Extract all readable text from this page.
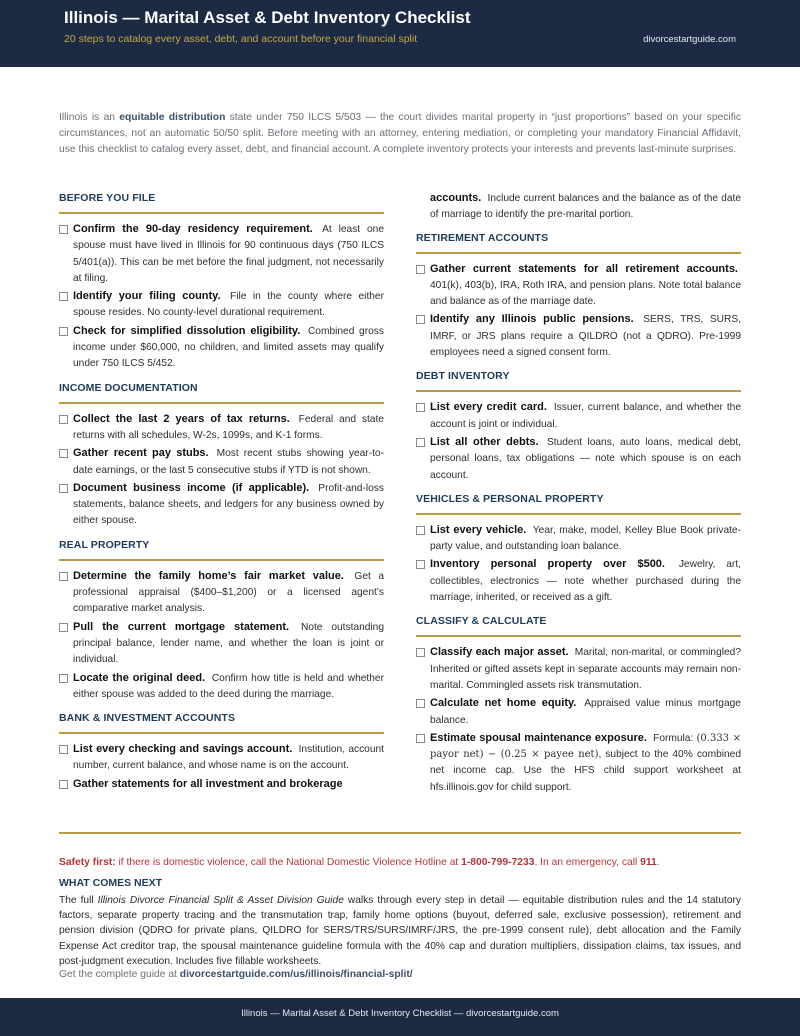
Illinois — Marital Asset & Debt Inventory Checklist
20 steps to catalog every asset, debt, and account before your financial split	divorcestartguide.com
Illinois is an equitable distribution state under 750 ILCS 5/503 — the court divides marital property in “just proportions” based on your specific circumstances, not an automatic 50/50 split. Before meeting with an attorney, entering mediation, or completing your mandatory Financial Affidavit, use this checklist to catalog every asset, debt, and financial account. A complete inventory protects your interests and prevents last-minute surprises.
BEFORE YOU FILE
Confirm the 90-day residency requirement. At least one spouse must have lived in Illinois for 90 continuous days (750 ILCS 5/401(a)). This can be met before the final judgment, not necessarily at filing.
Identify your filing county. File in the county where either spouse resides. No county-level durational requirement.
Check for simplified dissolution eligibility. Combined gross income under $60,000, no children, and limited assets may qualify under 750 ILCS 5/452.
INCOME DOCUMENTATION
Collect the last 2 years of tax returns. Federal and state returns with all schedules, W-2s, 1099s, and K-1 forms.
Gather recent pay stubs. Most recent stubs showing year-to-date earnings, or the last 5 consecutive stubs if YTD is not shown.
Document business income (if applicable). Profit-and-loss statements, balance sheets, and ledgers for any business owned by either spouse.
REAL PROPERTY
Determine the family home’s fair market value. Get a professional appraisal ($400–$1,200) or a licensed agent’s comparative market analysis.
Pull the current mortgage statement. Note outstanding principal balance, lender name, and whether the loan is joint or individual.
Locate the original deed. Confirm how title is held and whether either spouse was added to the deed during the marriage.
BANK & INVESTMENT ACCOUNTS
List every checking and savings account. Institution, account number, current balance, and whose name is on the account.
Gather statements for all investment and brokerage
accounts. Include current balances and the balance as of the date of marriage to identify the pre-marital portion.
RETIREMENT ACCOUNTS
Gather current statements for all retirement accounts. 401(k), 403(b), IRA, Roth IRA, and pension plans. Note total balance and balance as of the marriage date.
Identify any Illinois public pensions. SERS, TRS, SURS, IMRF, or JRS plans require a QILDRO (not a QDRO). Pre-1999 employees need a signed consent form.
DEBT INVENTORY
List every credit card. Issuer, current balance, and whether the account is joint or individual.
List all other debts. Student loans, auto loans, medical debt, personal loans, tax obligations — note which spouse is on each account.
VEHICLES & PERSONAL PROPERTY
List every vehicle. Year, make, model, Kelley Blue Book private-party value, and outstanding loan balance.
Inventory personal property over $500. Jewelry, art, collectibles, electronics — note whether purchased during the marriage, inherited, or received as a gift.
CLASSIFY & CALCULATE
Classify each major asset. Marital, non-marital, or commingled? Inherited or gifted assets kept in separate accounts may remain non-marital. Commingled assets risk transmutation.
Calculate net home equity. Appraised value minus mortgage balance.
Estimate spousal maintenance exposure. Formula: (0.333 × payor net) − (0.25 × payee net), subject to the 40% combined net income cap. Use the HFS child support worksheet at hfs.illinois.gov for child support.
Safety first: if there is domestic violence, call the National Domestic Violence Hotline at 1-800-799-7233. In an emergency, call 911.
WHAT COMES NEXT
The full Illinois Divorce Financial Split & Asset Division Guide walks through every step in detail — equitable distribution rules and the 14 statutory factors, separate property tracing and the transmutation trap, family home options (buyout, deferred sale, exclusive possession), retirement and pension division (QDRO for private plans, QILDRO for SERS/TRS/SURS/IMRF/JRS, the pre-1999 consent rule), debt allocation and the Family Expense Act creditor trap, the spousal maintenance guideline formula with the 40% cap and duration multipliers, dissipation claims, tax issues, and post-judgment execution. Includes five fillable worksheets.
Get the complete guide at divorcestartguide.com/us/illinois/financial-split/
Illinois — Marital Asset & Debt Inventory Checklist — divorcestartguide.com
